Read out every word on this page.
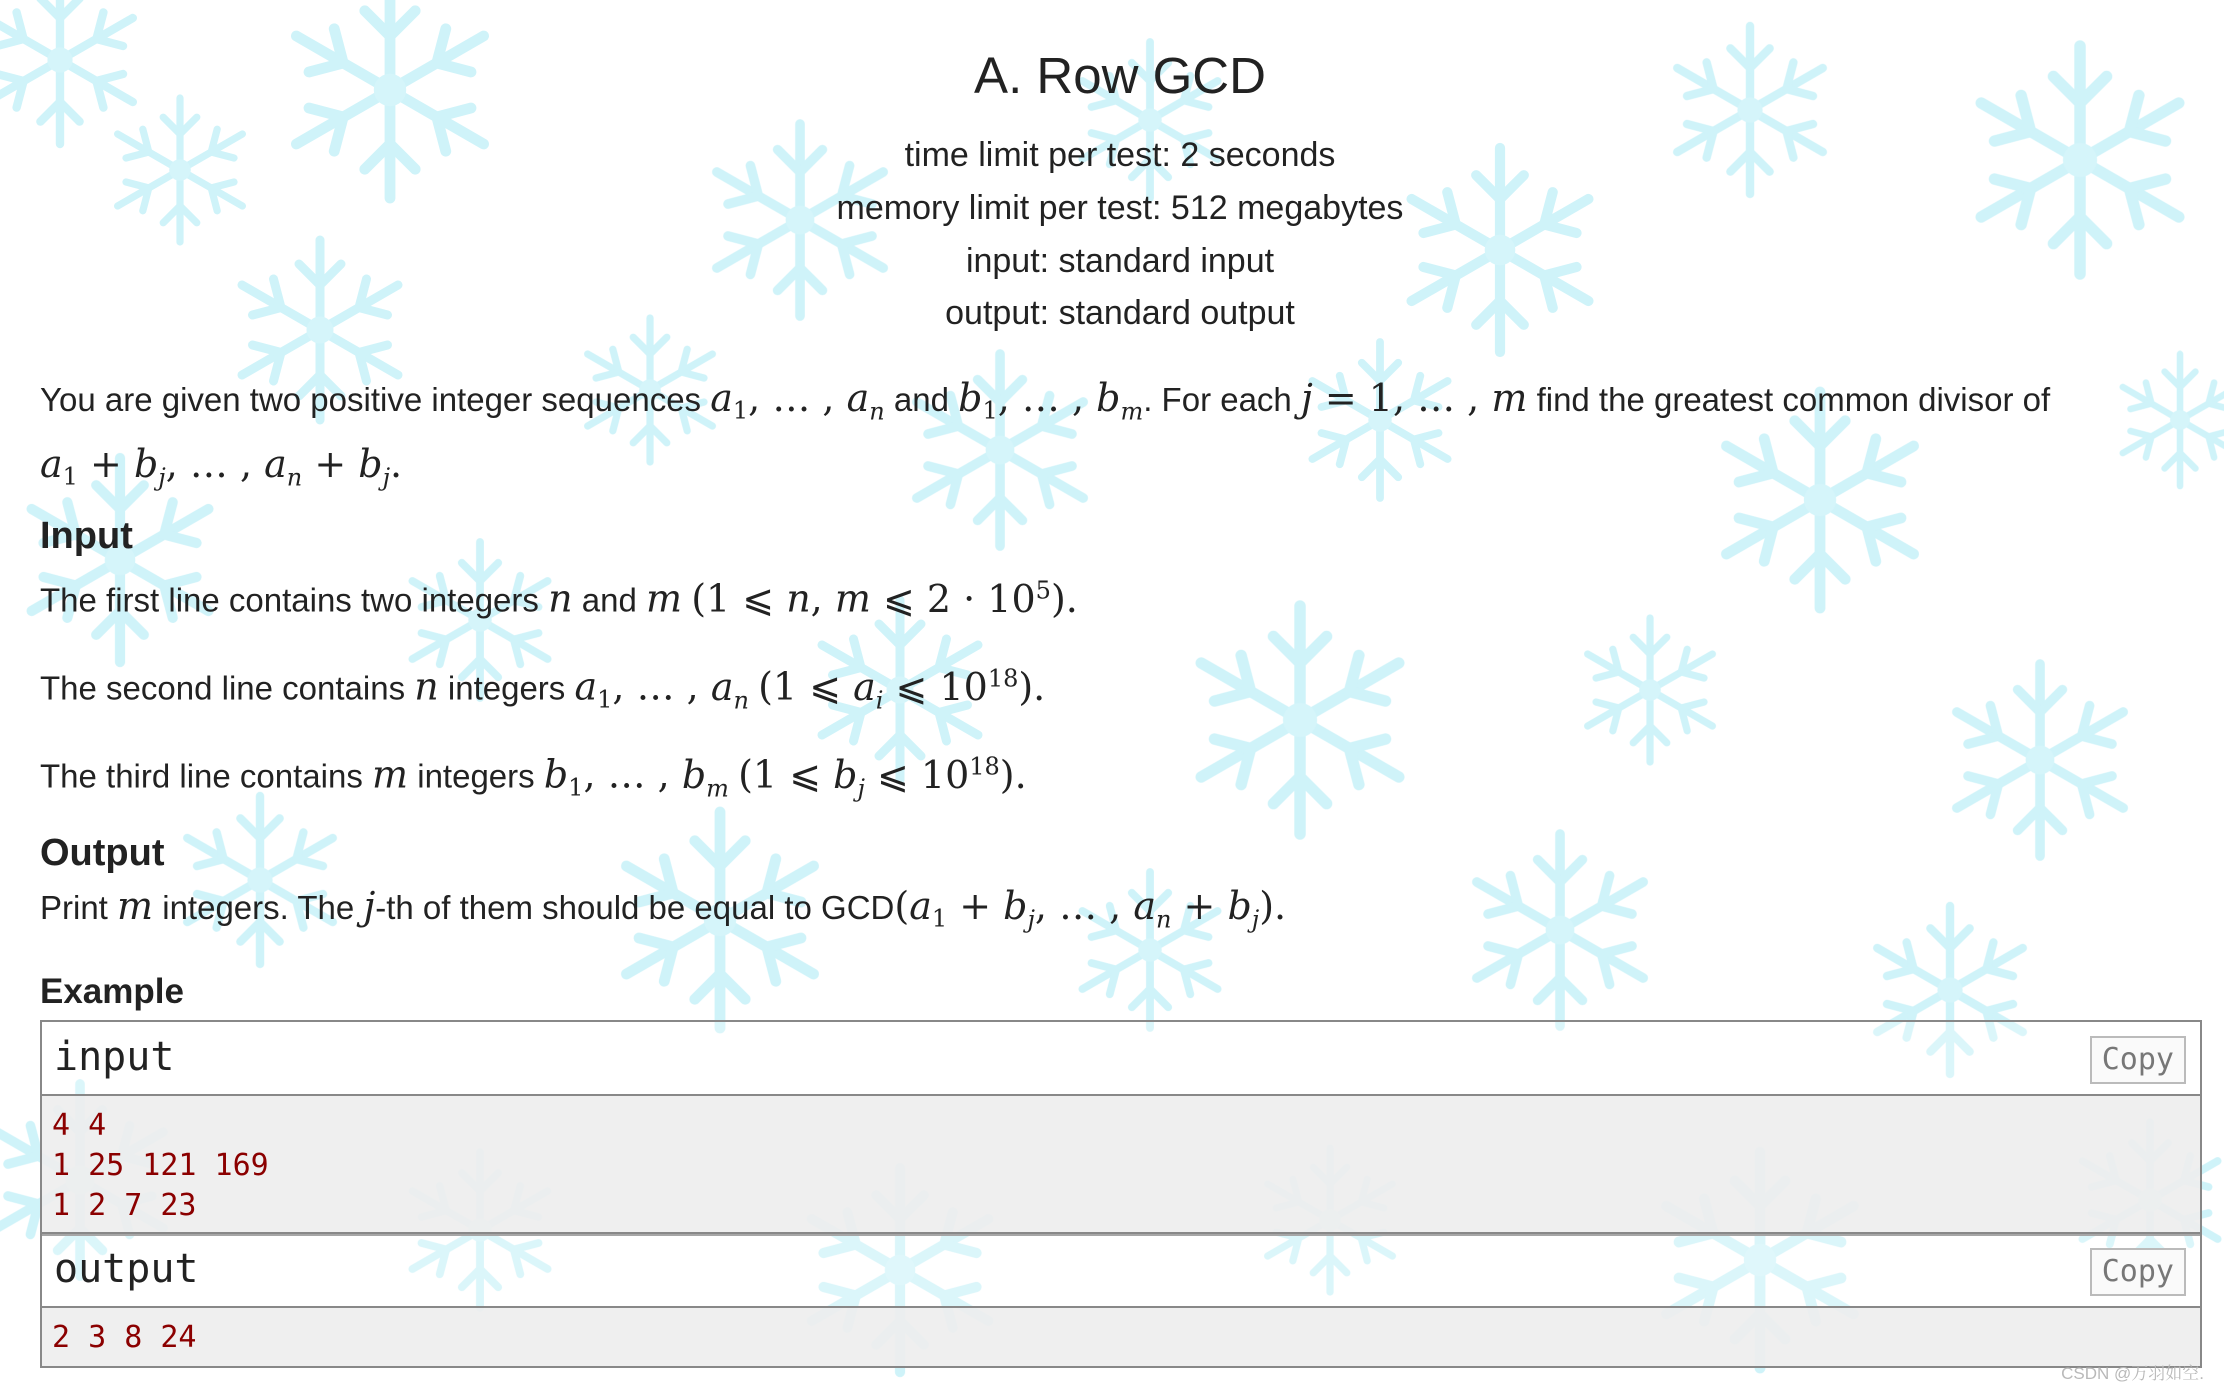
A. Row GCD
time limit per test: 2 seconds
memory limit per test: 512 megabytes
input: standard input
output: standard output
You are given two positive integer sequences $a_1$, … , $a_n$ and $b_1$, … , $b_m$. For each j = 1, … , m find the greatest common divisor of
$a_1 + b_j$, … , $a_n + b_j$.
Input
The first line contains two integers n and m (1 ⩽ n, m ⩽ $2 \cdot 10^5$).
The second line contains n integers $a_1$, … , $a_n$ (1 ⩽ $a_i$ ⩽ $10^{18}$).
The third line contains m integers $b_1$, … , $b_m$ (1 ⩽ $b_j$ ⩽ $10^{18}$).
Output
Print m integers. The j-th of them should be equal to $GCD(a_1 + b_j$, … , $a_n + b_j$).
Example
input	Copy
4 4
1 25 121 169
1 2 7 23
output	Copy
2 3 8 24
CSDN @万羽如空.
